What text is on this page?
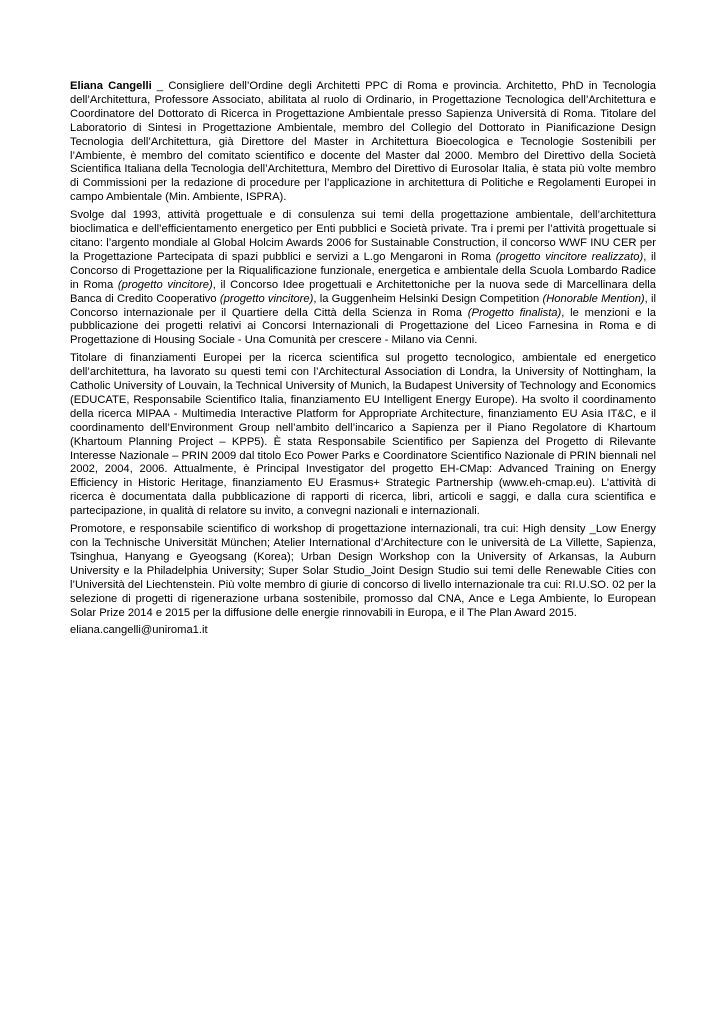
Eliana Cangelli _ Consigliere dell’Ordine degli Architetti PPC di Roma e provincia. Architetto, PhD in Tecnologia dell’Architettura, Professore Associato, abilitata al ruolo di Ordinario, in Progettazione Tecnologica dell’Architettura e Coordinatore del Dottorato di Ricerca in Progettazione Ambientale presso Sapienza Università di Roma. Titolare del Laboratorio di Sintesi in Progettazione Ambientale, membro del Collegio del Dottorato in Pianificazione Design Tecnologia dell’Architettura, già Direttore del Master in Architettura Bioecologica e Tecnologie Sostenibili per l’Ambiente, è membro del comitato scientifico e docente del Master dal 2000. Membro del Direttivo della Società Scientifica Italiana della Tecnologia dell’Architettura, Membro del Direttivo di Eurosolar Italia, è stata più volte membro di Commissioni per la redazione di procedure per l’applicazione in architettura di Politiche e Regolamenti Europei in campo Ambientale (Min. Ambiente, ISPRA).

Svolge dal 1993, attività progettuale e di consulenza sui temi della progettazione ambientale, dell’architettura bioclimatica e dell’efficientamento energetico per Enti pubblici e Società private. Tra i premi per l’attività progettuale si citano: l’argento mondiale al Global Holcim Awards 2006 for Sustainable Construction, il concorso WWF INU CER per la Progettazione Partecipata di spazi pubblici e servizi a L.go Mengaroni in Roma (progetto vincitore realizzato), il Concorso di Progettazione per la Riqualificazione funzionale, energetica e ambientale della Scuola Lombardo Radice in Roma (progetto vincitore), il Concorso Idee progettuali e Architettoniche per la nuova sede di Marcellinara della Banca di Credito Cooperativo (progetto vincitore), la Guggenheim Helsinki Design Competition (Honorable Mention), il Concorso internazionale per il Quartiere della Città della Scienza in Roma (Progetto finalista), le menzioni e la pubblicazione dei progetti relativi ai Concorsi Internazionali di Progettazione del Liceo Farnesina in Roma e di Progettazione di Housing Sociale - Una Comunità per crescere - Milano via Cenni.

Titolare di finanziamenti Europei per la ricerca scientifica sul progetto tecnologico, ambientale ed energetico dell’architettura, ha lavorato su questi temi con l’Architectural Association di Londra, la University of Nottingham, la Catholic University of Louvain, la Technical University of Munich, la Budapest University of Technology and Economics (EDUCATE, Responsabile Scientifico Italia, finanziamento EU Intelligent Energy Europe). Ha svolto il coordinamento della ricerca MIPAA - Multimedia Interactive Platform for Appropriate Architecture, finanziamento EU Asia IT&C, e il coordinamento dell’Environment Group nell’ambito dell’incarico a Sapienza per il Piano Regolatore di Khartoum (Khartoum Planning Project – KPP5). È stata Responsabile Scientifico per Sapienza del Progetto di Rilevante Interesse Nazionale – PRIN 2009 dal titolo Eco Power Parks e Coordinatore Scientifico Nazionale di PRIN biennali nel 2002, 2004, 2006. Attualmente, è Principal Investigator del progetto EH-CMap: Advanced Training on Energy Efficiency in Historic Heritage, finanziamento EU Erasmus+ Strategic Partnership (www.eh-cmap.eu). L’attività di ricerca è documentata dalla pubblicazione di rapporti di ricerca, libri, articoli e saggi, e dalla cura scientifica e partecipazione, in qualità di relatore su invito, a convegni nazionali e internazionali.

Promotore, e responsabile scientifico di workshop di progettazione internazionali, tra cui: High density _Low Energy con la Technische Universität München; Atelier International d’Architecture con le università de La Villette, Sapienza, Tsinghua, Hanyang e Gyeogsang (Korea); Urban Design Workshop con la University of Arkansas, la Auburn University e la Philadelphia University; Super Solar Studio_Joint Design Studio sui temi delle Renewable Cities con l’Università del Liechtenstein. Più volte membro di giurie di concorso di livello internazionale tra cui: RI.U.SO. 02 per la selezione di progetti di rigenerazione urbana sostenibile, promosso dal CNA, Ance e Lega Ambiente, lo European Solar Prize 2014 e 2015 per la diffusione delle energie rinnovabili in Europa, e il The Plan Award 2015.

eliana.cangelli@uniroma1.it
